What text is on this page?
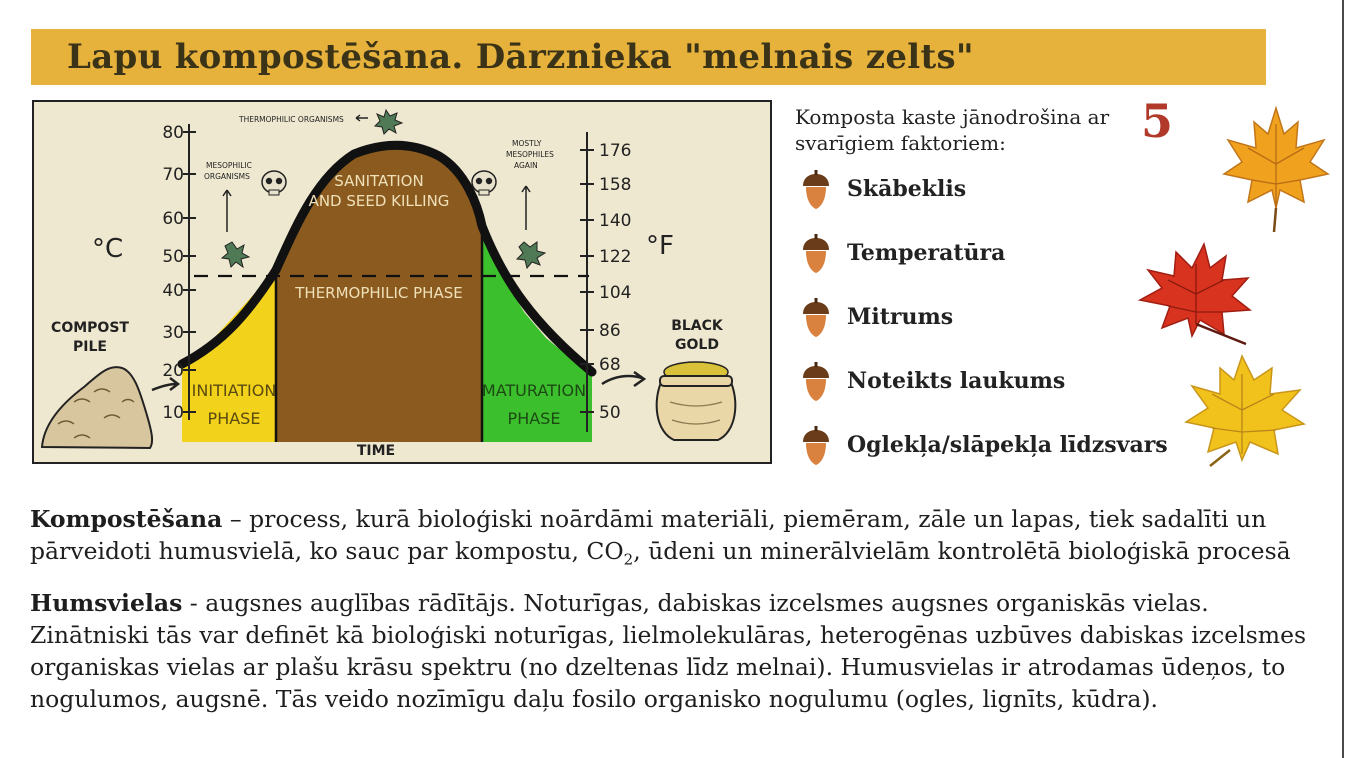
Lapu kompostēšana. Dārznieka "melnais zelts"
80
70
60
50
40
30
20
10
°C
176
158
140
122
104
86
68
50
°F
THERMOPHILIC ORGANISMS
MESOPHILIC
ORGANISMS
MOSTLY
MESOPHILES
AGAIN
SANITATION
AND SEED KILLING
THERMOPHILIC PHASE
INITIATION
PHASE
MATURATION
PHASE
COMPOST
PILE
BLACK
GOLD
TIME
Komposta kaste jānodrošina ar svarīgiem faktoriem:	5
Skābeklis
Temperatūra
Mitrums
Noteikts laukums
Oglekļa/slāpekļa līdzsvars
Kompostēšana – process, kurā bioloģiski noārdāmi materiāli, piemēram, zāle un lapas, tiek sadalīti un pārveidoti humusvielā, ko sauc par kompostu, $CO_2$, ūdeni un minerālvielām kontrolētā bioloģiskā procesā
Humsvielas - augsnes auglības rādītājs. Noturīgas, dabiskas izcelsmes augsnes organiskās vielas. Zinātniski tās var definēt kā bioloģiski noturīgas, lielmolekulāras, heterogēnas uzbūves dabiskas izcelsmes organiskas vielas ar plašu krāsu spektru (no dzeltenas līdz melnai). Humusvielas ir atrodamas ūdeņos, to nogulumos, augsnē. Tās veido nozīmīgu daļu fosilo organisko nogulumu (ogles, lignīts, kūdra).
